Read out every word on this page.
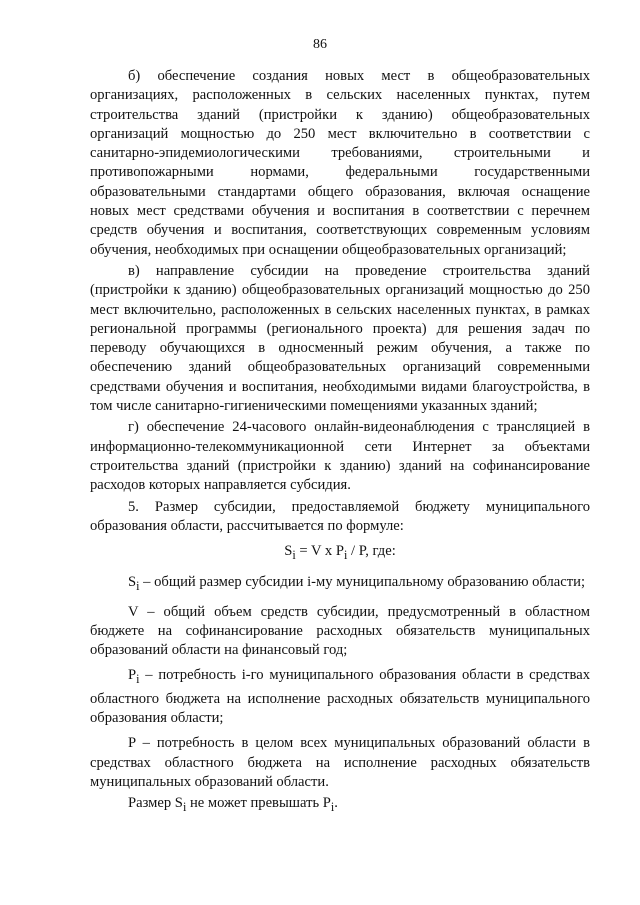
86

б) обеспечение создания новых мест в общеобразовательных организациях, расположенных в сельских населенных пунктах, путем строительства зданий (пристройки к зданию) общеобразовательных организаций мощностью до 250 мест включительно в соответствии с санитарно-эпидемиологическими требованиями, строительными и противопожарными нормами, федеральными государственными образовательными стандартами общего образования, включая оснащение новых мест средствами обучения и воспитания в соответствии с перечнем средств обучения и воспитания, соответствующих современным условиям обучения, необходимых при оснащении общеобразовательных организаций;

в) направление субсидии на проведение строительства зданий (пристройки к зданию) общеобразовательных организаций мощностью до 250 мест включительно, расположенных в сельских населенных пунктах, в рамках региональной программы (регионального проекта) для решения задач по переводу обучающихся в односменный режим обучения, а также по обеспечению зданий общеобразовательных организаций современными средствами обучения и воспитания, необходимыми видами благоустройства, в том числе санитарно-гигиеническими помещениями указанных зданий;

г) обеспечение 24-часового онлайн-видеонаблюдения с трансляцией в информационно-телекоммуникационной сети Интернет за объектами строительства зданий (пристройки к зданию) зданий на софинансирование расходов которых направляется субсидия.

5. Размер субсидии, предоставляемой бюджету муниципального образования области, рассчитывается по формуле:

$S_i = V$ x $P_i$ / P, где:

$S_i$ – общий размер субсидии i-му муниципальному образованию области;

V – общий объем средств субсидии, предусмотренный в областном бюджете на софинансирование расходных обязательств муниципальных образований области на финансовый год;

$P_i$ – потребность i-го муниципального образования области в средствах областного бюджета на исполнение расходных обязательств муниципального образования области;

P – потребность в целом всех муниципальных образований области в средствах областного бюджета на исполнение расходных обязательств муниципальных образований области.

Размер $S_i$ не может превышать $P_i$.
